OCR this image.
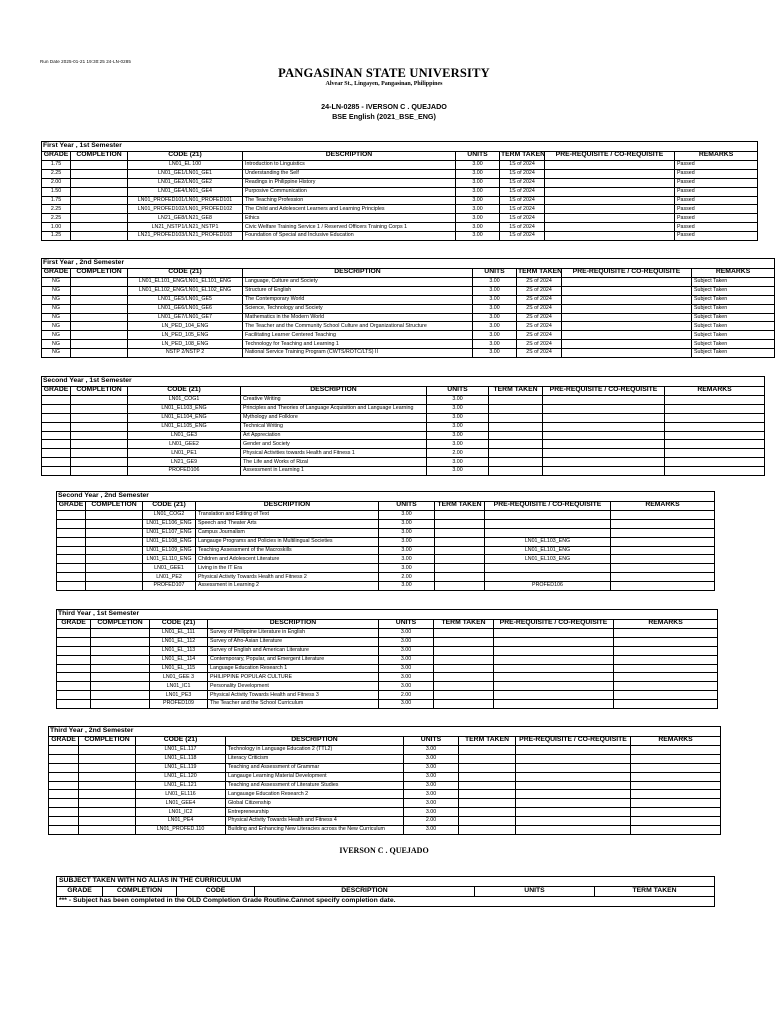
Run Date 2025-01-21 19:30:25 24-LN-0285
PANGASINAN STATE UNIVERSITY
Alvear St., Lingayen, Pangasinan, Philippines
24-LN-0285 - IVERSON C . QUEJADO
BSE English (2021_BSE_ENG)
First Year , 1st Semester							
GRADE	COMPLETION	CODE (21)	DESCRIPTION	UNITS	TERM TAKEN	PRE-REQUISITE / CO-REQUISITE	REMARKS
1.75		LN01_EL 100	Introduction to Linguistics	3.00	1S of 2024		Passed
2.25		LN01_GE1/LN01_GE1	Understanding the Self	3.00	1S of 2024		Passed
2.00		LN01_GE2/LN01_GE2	Readings in Philippine History	3.00	1S of 2024		Passed
1.50		LN01_GE4/LN01_GE4	Purposive Communication	3.00	1S of 2024		Passed
1.75		LN01_PROFED101/LN01_PROFED101	The Teaching Profession	3.00	1S of 2024		Passed
2.25		LN01_PROFED102/LN01_PROFED102	The Child and Adolescent Learners and Learning Principles	3.00	1S of 2024		Passed
2.25		LN21_GE8/LN21_GE8	Ethics	3.00	1S of 2024		Passed
1.00		LN21_NSTP1/LN21_NSTP1	Civic Welfare Training Service 1 / Reserved Officers Training Corps 1	3.00	1S of 2024		Passed
1.25		LN21_PROFED103/LN21_PROFED103	Foundation of Special and Inclusive Education	3.00	1S of 2024		Passed
First Year , 2nd Semester							
GRADE	COMPLETION	CODE (21)	DESCRIPTION	UNITS	TERM TAKEN	PRE-REQUISITE / CO-REQUISITE	REMARKS
NG		LN01_EL101_ENG/LN01_EL101_ENG	Language, Culture and Society	3.00	2S of 2024		Subject Taken
NG		LN01_EL102_ENG/LN01_EL102_ENG	Structure of English	3.00	2S of 2024		Subject Taken
NG		LN01_GE5/LN01_GE5	The Contemporary World	3.00	2S of 2024		Subject Taken
NG		LN01_GE6/LN01_GE6	Science, Technology and Society	3.00	2S of 2024		Subject Taken
NG		LN01_GE7/LN01_GE7	Mathematics in the Modern World	3.00	2S of 2024		Subject Taken
NG		LN_PED_104_ENG	The Teacher and the Community School Culture and Organizational Structure	3.00	2S of 2024		Subject Taken
NG		LN_PED_105_ENG	Facilitating Learner Centered Teaching	3.00	2S of 2024		Subject Taken
NG		LN_PED_108_ENG	Technology for Teaching and Learning 1	3.00	2S of 2024		Subject Taken
NG		NSTP 2/NSTP 2	National Service Training Program (CWTS/ROTC/LTS) II	3.00	2S of 2024		Subject Taken
Second Year , 1st Semester							
GRADE	COMPLETION	CODE (21)	DESCRIPTION	UNITS	TERM TAKEN	PRE-REQUISITE / CO-REQUISITE	REMARKS
		LN01_COG1	Creative Writing	3.00			
		LN01_EL103_ENG	Principles and Theories of Language Acquisition and Language Learning	3.00			
		LN01_EL104_ENG	Mythology and Folklore	3.00			
		LN01_EL105_ENG	Technical Writing	3.00			
		LN01_GE3	Art Appreciation	3.00			
		LN01_GEE2	Gender and Society	3.00			
		LN01_PE1	Physical Activities towards Health and Fitness 1	2.00			
		LN21_GE9	The Life and Works of Rizal	3.00			
		PROFED106	Assessment in Learning 1	3.00			
Second Year , 2nd Semester							
GRADE	COMPLETION	CODE (21)	DESCRIPTION	UNITS	TERM TAKEN	PRE-REQUISITE / CO-REQUISITE	REMARKS
		LN01_COG2	Translation and Editing of Text	3.00			
		LN01_EL106_ENG	Speech and Theater Arts	3.00			
		LN01_EL107_ENG	Campus Journalism	3.00			
		LN01_EL108_ENG	Langauge Programs and Policies in Multilingual Societies	3.00		LN01_EL103_ENG	
		LN01_EL109_ENG	Teaching Assessment of the Macroskills	3.00		LN01_EL101_ENG	
		LN01_EL110_ENG	Children and Adolescent Literature	3.00		LN01_EL103_ENG	
		LN01_GEE1	Living in the IT Era	3.00			
		LN01_PE2	Physical Activity Towards Health and Fitness 2	2.00			
		PROFED107	Assessment in Learning 2	3.00		PROFED106	
Third Year , 1st Semester							
GRADE	COMPLETION	CODE (21)	DESCRIPTION	UNITS	TERM TAKEN	PRE-REQUISITE / CO-REQUISITE	REMARKS
		LN01_EL_111	Survey of Philippine Literature in English	3.00			
		LN01_EL_112	Survey of Afro-Asian Literature	3.00			
		LN01_EL_113	Survey of English and American Literature	3.00			
		LN01_EL_114	Contemporary, Popular, and Emergent Literature	3.00			
		LN01_EL_115	Language Education Research 1	3.00			
		LN01_GEE 3	PHILIPPINE POPULAR CULTURE	3.00			
		LN01_IC1	Personality Development	3.00			
		LN01_PE3	Physical Activity Towards Health and Fitness 3	2.00			
		PROFED109	The Teacher and the School Curriculum	3.00			
Third Year , 2nd Semester							
GRADE	COMPLETION	CODE (21)	DESCRIPTION	UNITS	TERM TAKEN	PRE-REQUISITE / CO-REQUISITE	REMARKS
		LN01_EL.117	Technology in Language Education 2 (TTL2)	3.00			
		LN01_EL.118	Literacy Criticism	3.00			
		LN01_EL.119	Teaching and Assessment of Grammar	3.00			
		LN01_EL.120	Langauge Learning Material Development	3.00			
		LN01_EL.121	Teaching and Assessment of Literature Studies	3.00			
		LN01_EL116	Langauage Education Research 2	3.00			
		LN01_GEE4	Global Citizenship	3.00			
		LN01_IC2	Entrepreneurship	3.00			
		LN01_PE4	Physical Activity Towards Health and Fitness 4	2.00			
		LN01_PROFED.110	Building and Enhancing New Literacies across the New Curriculum	3.00			
IVERSON C . QUEJADO
SUBJECT TAKEN WITH NO ALIAS IN THE CURRICULUM
GRADE	COMPLETION	CODE	DESCRIPTION	UNITS	TERM TAKEN
*** - Subject has been completed in the OLD Completion Grade Routine.Cannot specify completion date.
